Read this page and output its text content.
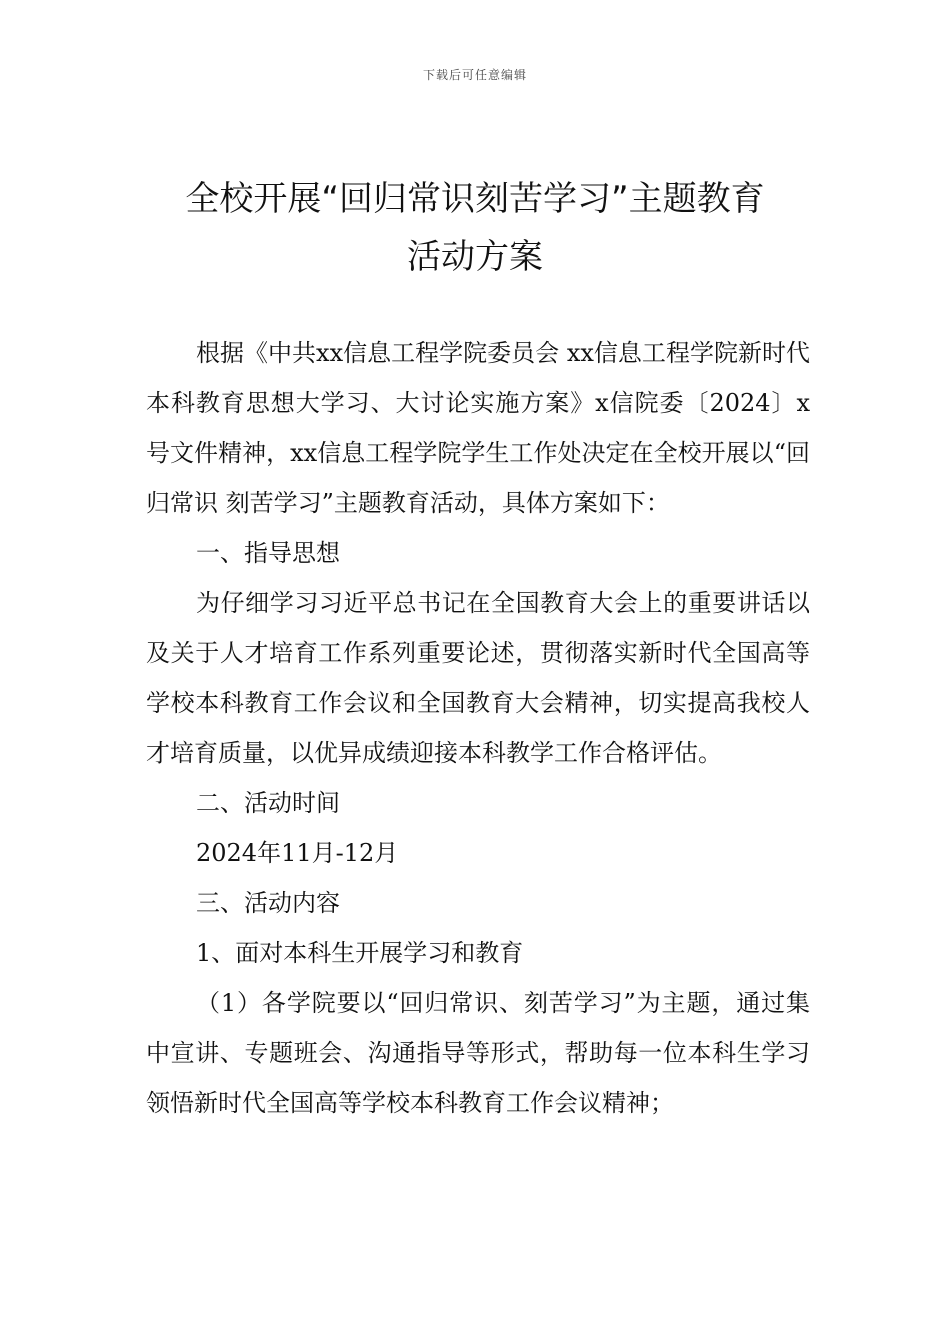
下载后可任意编辑
全校开展“回归常识刻苦学习”主题教育
活动方案

根据《中共xx信息工程学院委员会 xx信息工程学院新时代本科教育思想大学习、大讨论实施方案》x信院委〔2024〕x号文件精神，xx信息工程学院学生工作处决定在全校开展以“回归常识 刻苦学习”主题教育活动，具体方案如下：

一、指导思想

为仔细学习习近平总书记在全国教育大会上的重要讲话以及关于人才培育工作系列重要论述，贯彻落实新时代全国高等学校本科教育工作会议和全国教育大会精神，切实提高我校人才培育质量，以优异成绩迎接本科教学工作合格评估。

二、活动时间

2024年11月-12月

三、活动内容

1、面对本科生开展学习和教育

（1）各学院要以“回归常识、刻苦学习”为主题，通过集中宣讲、专题班会、沟通指导等形式，帮助每一位本科生学习领悟新时代全国高等学校本科教育工作会议精神；
